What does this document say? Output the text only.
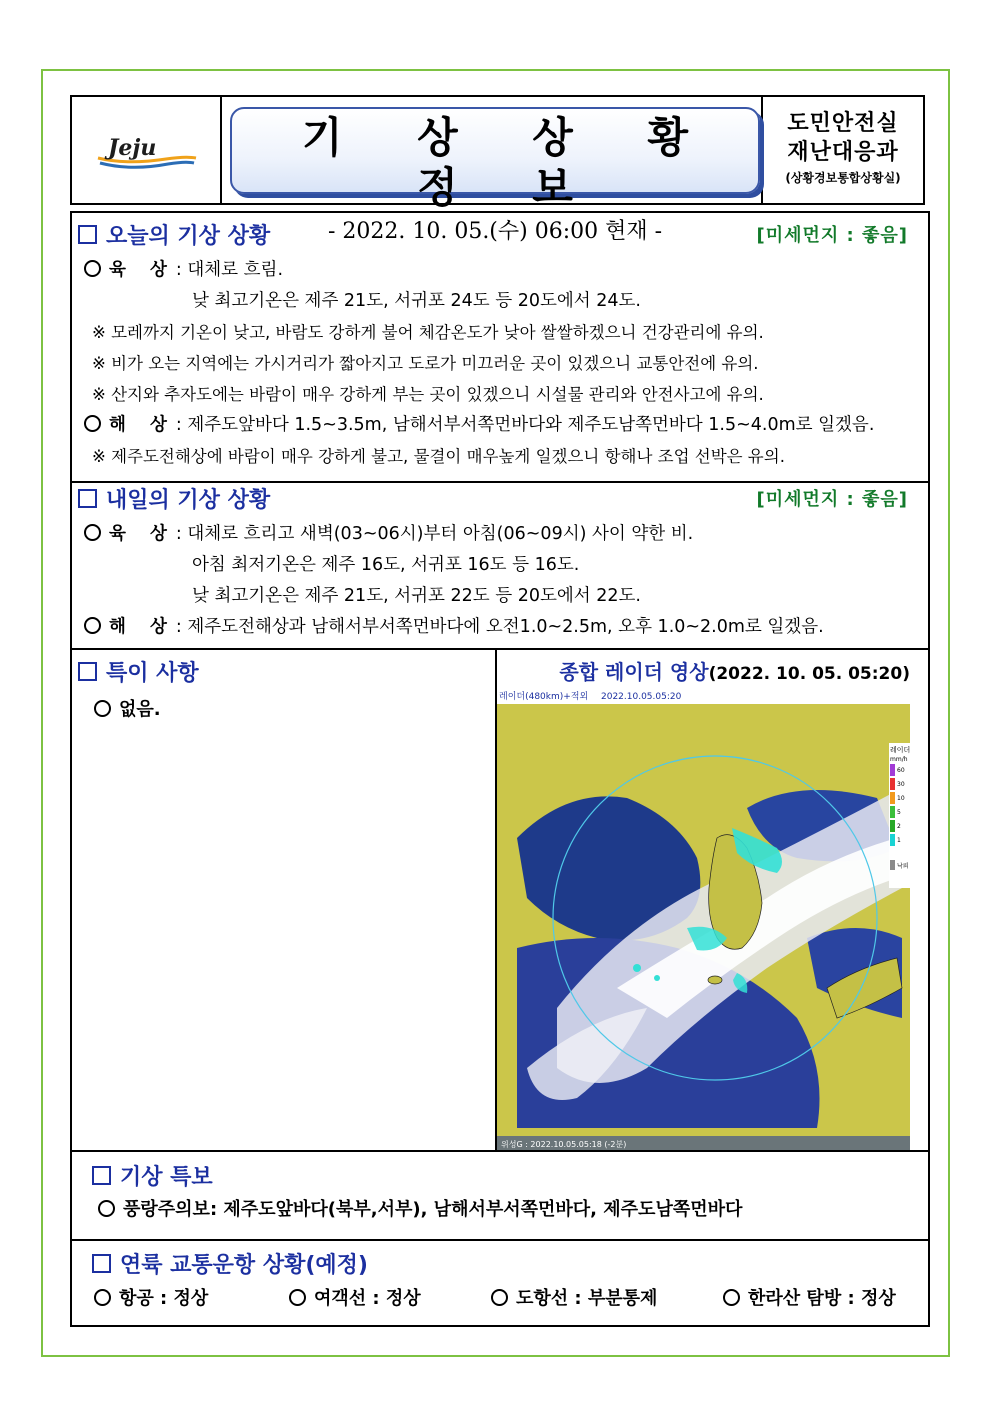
Jeju	기 상 상 황 정 보
- 2022. 10. 05.(수) 06:00 현재 -
도민안전실
재난대응과
(상황경보통합상황실)
오늘의 기상 상황	[미세먼지 : 좋음]
육 상: 대체로 흐림.
낮 최고기온은 제주 21도, 서귀포 24도 등 20도에서 24도.
※ 모레까지 기온이 낮고, 바람도 강하게 불어 체감온도가 낮아 쌀쌀하겠으니 건강관리에 유의.
※ 비가 오는 지역에는 가시거리가 짧아지고 도로가 미끄러운 곳이 있겠으니 교통안전에 유의.
※ 산지와 추자도에는 바람이 매우 강하게 부는 곳이 있겠으니 시설물 관리와 안전사고에 유의.
해 상: 제주도앞바다 1.5~3.5m, 남해서부서쪽먼바다와 제주도남쪽먼바다 1.5~4.0m로 일겠음.
※ 제주도전해상에 바람이 매우 강하게 불고, 물결이 매우높게 일겠으니 항해나 조업 선박은 유의.
내일의 기상 상황	[미세먼지 : 좋음]
육 상: 대체로 흐리고 새벽(03~06시)부터 아침(06~09시) 사이 약한 비.
아침 최저기온은 제주 16도, 서귀포 16도 등 16도.
낮 최고기온은 제주 21도, 서귀포 22도 등 20도에서 22도.
해 상: 제주도전해상과 남해서부서쪽먼바다에 오전1.0~2.5m, 오후 1.0~2.0m로 일겠음.
특이 사항
없음.
종합 레이더 영상(2022. 10. 05. 05:20)
레이더(480km)+적외 2022.10.05.05:20
레이더
mm/h
60
30
10
5
2
1
낙뢰
위성G : 2022.10.05.05:18 (-2분)
기상 특보
풍랑주의보: 제주도앞바다(북부,서부), 남해서부서쪽먼바다, 제주도남쪽먼바다
연륙 교통운항 상황(예정)
항공 : 정상	여객선 : 정상	도항선 : 부분통제	한라산 탐방 : 정상
